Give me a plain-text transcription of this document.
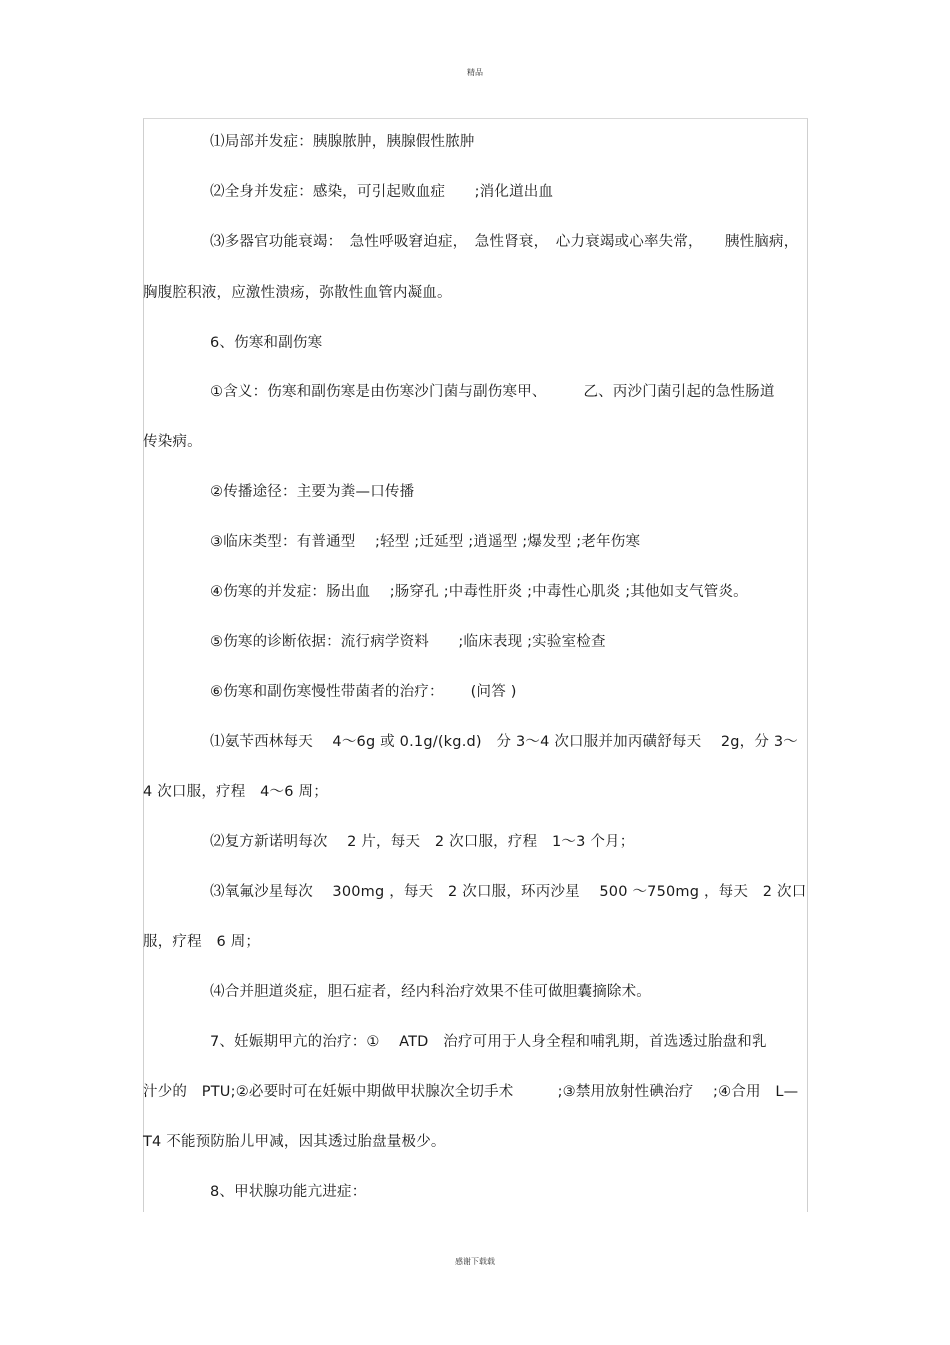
精品
⑴局部并发症：胰腺脓肿，胰腺假性脓肿
⑵全身并发症：感染，可引起败血症　　;消化道出血
⑶多器官功能衰竭：　急性呼吸窘迫症，　急性肾衰，　心力衰竭或心率失常，　　胰性脑病，
胸腹腔积液，应激性溃疡，弥散性血管内凝血。
6、伤寒和副伤寒
①含义：伤寒和副伤寒是由伤寒沙门菌与副伤寒甲、　　　乙、丙沙门菌引起的急性肠道
传染病。
②传播途径：主要为粪—口传播
③临床类型：有普通型　 ;轻型 ;迁延型 ;逍遥型 ;爆发型 ;老年伤寒
④伤寒的并发症：肠出血　 ;肠穿孔 ;中毒性肝炎 ;中毒性心肌炎 ;其他如支气管炎。
⑤伤寒的诊断依据：流行病学资料　　;临床表现 ;实验室检查
⑥伤寒和副伤寒慢性带菌者的治疗：　　 (问答 )
⑴氨苄西林每天　 4～6g 或 0.1g/(kg.d)　分 3～4 次口服并加丙磺舒每天　 2g，分 3～
4 次口服，疗程　4～6 周；
⑵复方新诺明每次　 2 片，每天　2 次口服，疗程　1～3 个月；
⑶氧氟沙星每次　 300mg ，每天　2 次口服，环丙沙星　 500 ～750mg ，每天　2 次口
服，疗程　6 周；
⑷合并胆道炎症，胆石症者，经内科治疗效果不佳可做胆囊摘除术。
7、妊娠期甲亢的治疗：①　 ATD　治疗可用于人身全程和哺乳期，首选透过胎盘和乳
汁少的　PTU;②必要时可在妊娠中期做甲状腺次全切手术　　　;③禁用放射性碘治疗　 ;④合用　L—
T4 不能预防胎儿甲减，因其透过胎盘量极少。
8、甲状腺功能亢进症：
感谢下载载
